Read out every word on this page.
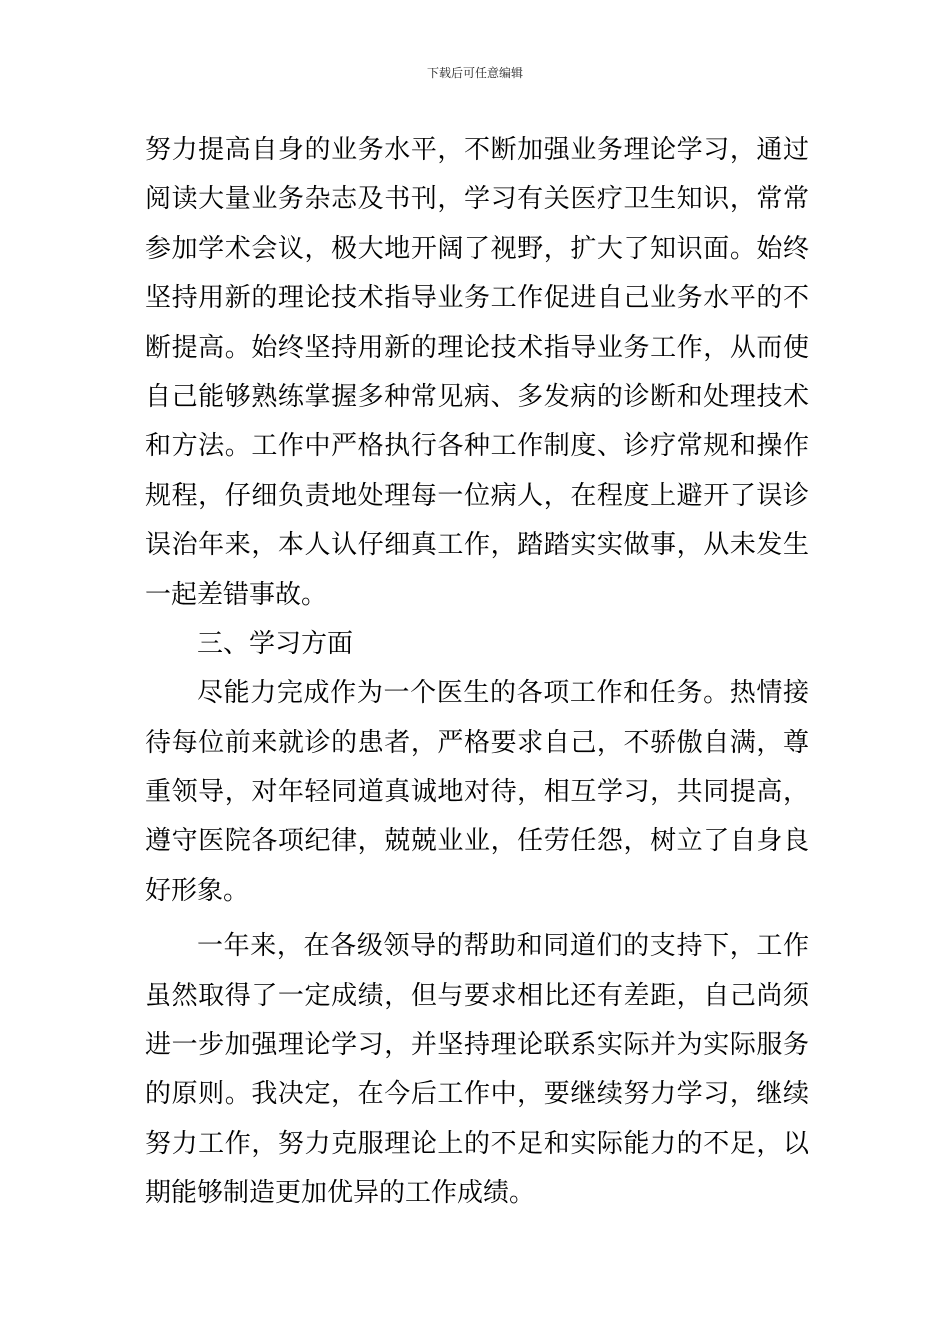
下载后可任意编辑
努力提高自身的业务水平，不断加强业务理论学习，通过
阅读大量业务杂志及书刊，学习有关医疗卫生知识，常常
参加学术会议，极大地开阔了视野，扩大了知识面。始终
坚持用新的理论技术指导业务工作促进自己业务水平的不
断提高。始终坚持用新的理论技术指导业务工作，从而使
自己能够熟练掌握多种常见病、多发病的诊断和处理技术
和方法。工作中严格执行各种工作制度、诊疗常规和操作
规程，仔细负责地处理每一位病人，在程度上避开了误诊
误治年来，本人认仔细真工作，踏踏实实做事，从未发生
一起差错事故。
三、学习方面
尽能力完成作为一个医生的各项工作和任务。热情接
待每位前来就诊的患者，严格要求自己，不骄傲自满，尊
重领导，对年轻同道真诚地对待，相互学习，共同提高，
遵守医院各项纪律，兢兢业业，任劳任怨，树立了自身良
好形象。
一年来，在各级领导的帮助和同道们的支持下，工作
虽然取得了一定成绩，但与要求相比还有差距，自己尚须
进一步加强理论学习，并坚持理论联系实际并为实际服务
的原则。我决定，在今后工作中，要继续努力学习，继续
努力工作，努力克服理论上的不足和实际能力的不足，以
期能够制造更加优异的工作成绩。
